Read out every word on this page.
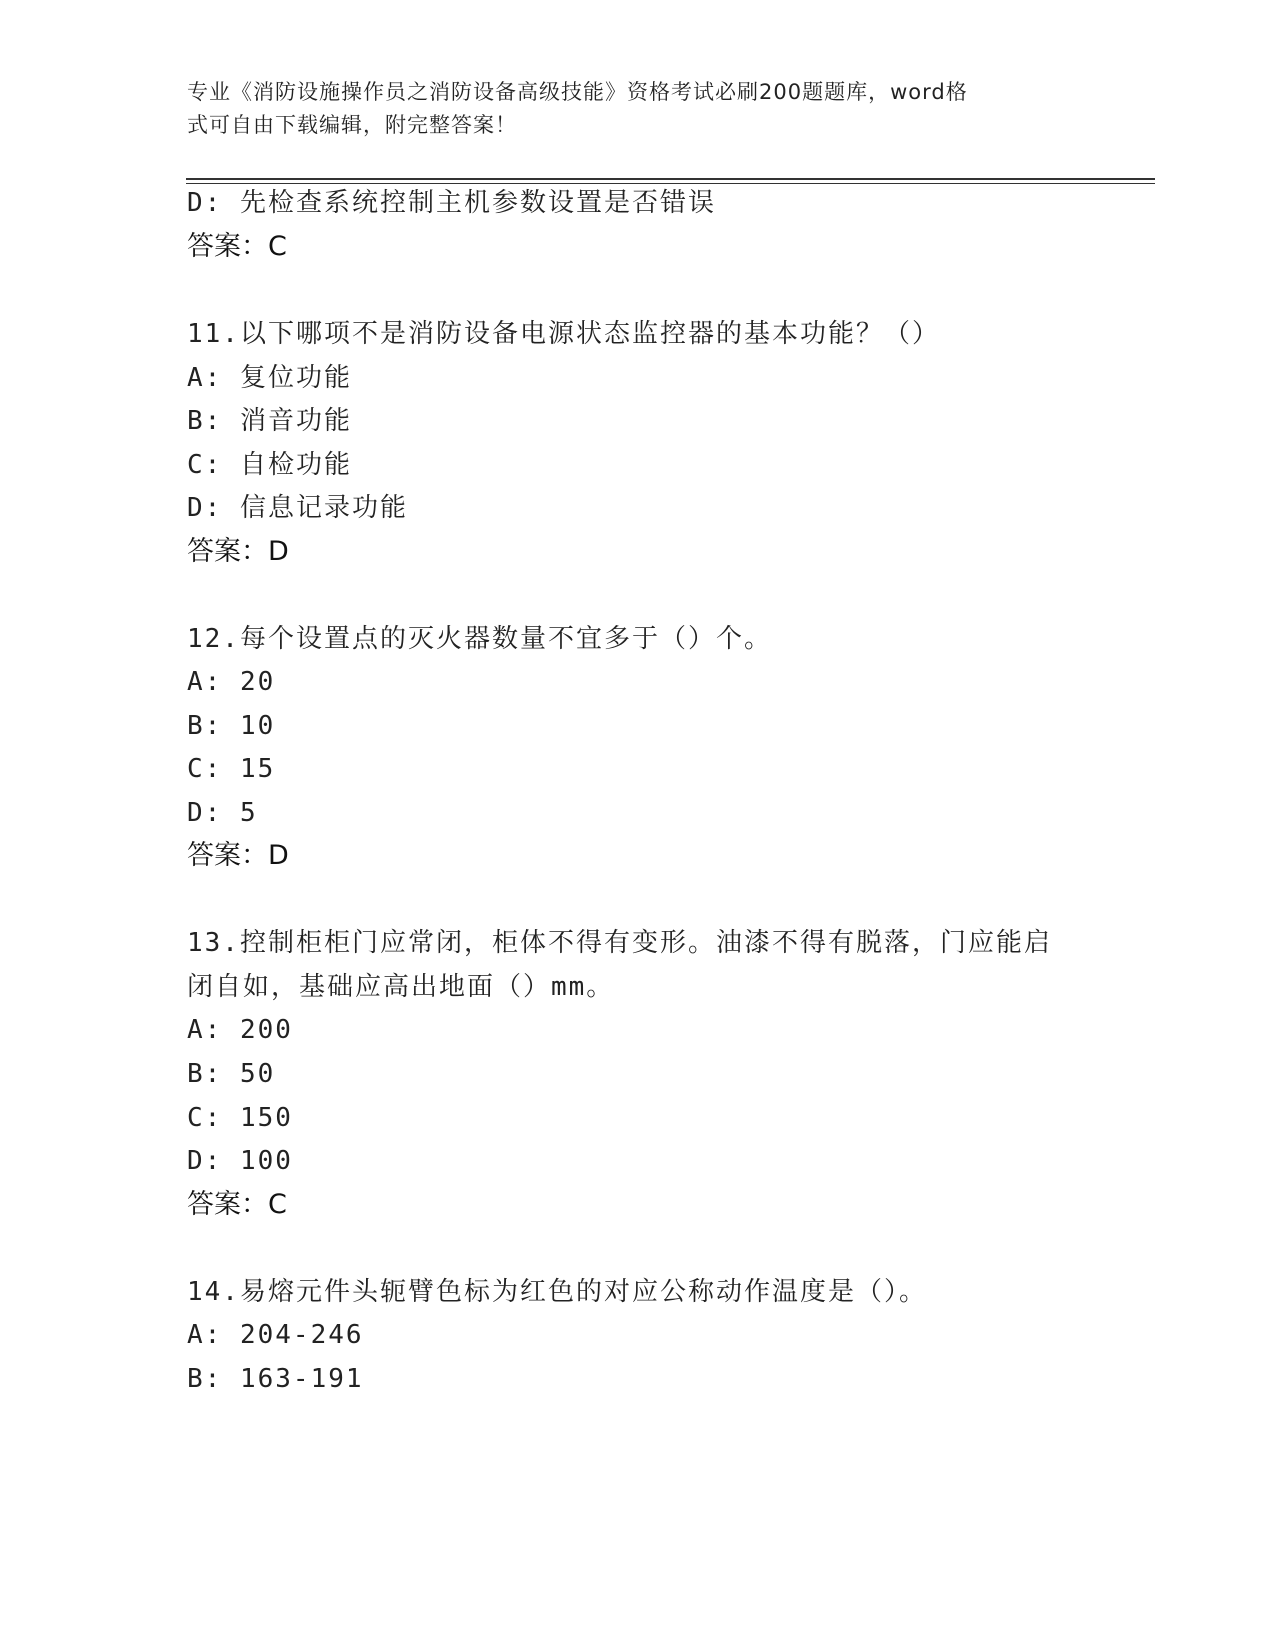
专业《消防设施操作员之消防设备高级技能》资格考试必刷200题题库，word格
式可自由下载编辑，附完整答案！
D: 先检查系统控制主机参数设置是否错误
答案：C
11.以下哪项不是消防设备电源状态监控器的基本功能？（）
A: 复位功能
B: 消音功能
C: 自检功能
D: 信息记录功能
答案：D
12.每个设置点的灭火器数量不宜多于（）个。
A: 20
B: 10
C: 15
D: 5
答案：D
13.控制柜柜门应常闭，柜体不得有变形。油漆不得有脱落，门应能启
闭自如，基础应高出地面（）mm。
A: 200
B: 50
C: 150
D: 100
答案：C
14.易熔元件头轭臂色标为红色的对应公称动作温度是（）。
A: 204-246
B: 163-191
